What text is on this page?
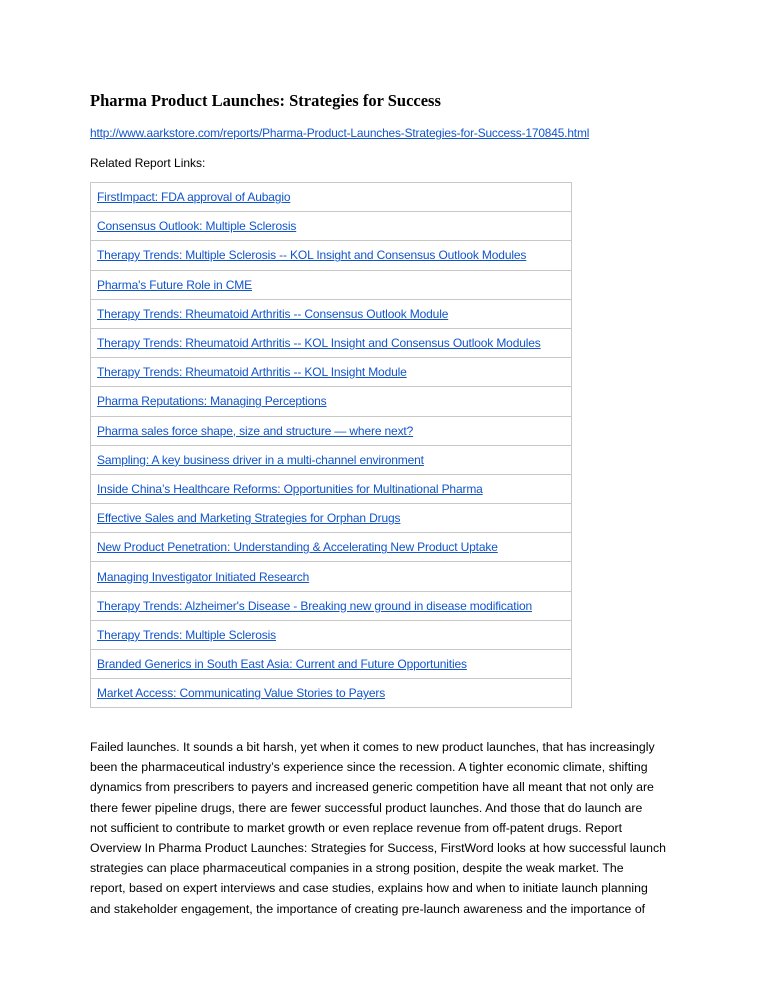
Pharma Product Launches: Strategies for Success
http://www.aarkstore.com/reports/Pharma-Product-Launches-Strategies-for-Success-170845.html
Related Report Links:
FirstImpact: FDA approval of Aubagio
Consensus Outlook: Multiple Sclerosis
Therapy Trends: Multiple Sclerosis -- KOL Insight and Consensus Outlook Modules
Pharma's Future Role in CME
Therapy Trends: Rheumatoid Arthritis -- Consensus Outlook Module
Therapy Trends: Rheumatoid Arthritis -- KOL Insight and Consensus Outlook Modules
Therapy Trends: Rheumatoid Arthritis -- KOL Insight Module
Pharma Reputations: Managing Perceptions
Pharma sales force shape, size and structure — where next?
Sampling: A key business driver in a multi-channel environment
Inside China’s Healthcare Reforms: Opportunities for Multinational Pharma
Effective Sales and Marketing Strategies for Orphan Drugs
New Product Penetration: Understanding & Accelerating New Product Uptake
Managing Investigator Initiated Research
Therapy Trends: Alzheimer's Disease - Breaking new ground in disease modification
Therapy Trends: Multiple Sclerosis
Branded Generics in South East Asia: Current and Future Opportunities
Market Access: Communicating Value Stories to Payers
Failed launches. It sounds a bit harsh, yet when it comes to new product launches, that has increasingly
been the pharmaceutical industry’s experience since the recession. A tighter economic climate, shifting
dynamics from prescribers to payers and increased generic competition have all meant that not only are
there fewer pipeline drugs, there are fewer successful product launches. And those that do launch are
not sufficient to contribute to market growth or even replace revenue from off-patent drugs. Report
Overview In Pharma Product Launches: Strategies for Success, FirstWord looks at how successful launch
strategies can place pharmaceutical companies in a strong position, despite the weak market. The
report, based on expert interviews and case studies, explains how and when to initiate launch planning
and stakeholder engagement, the importance of creating pre-launch awareness and the importance of
